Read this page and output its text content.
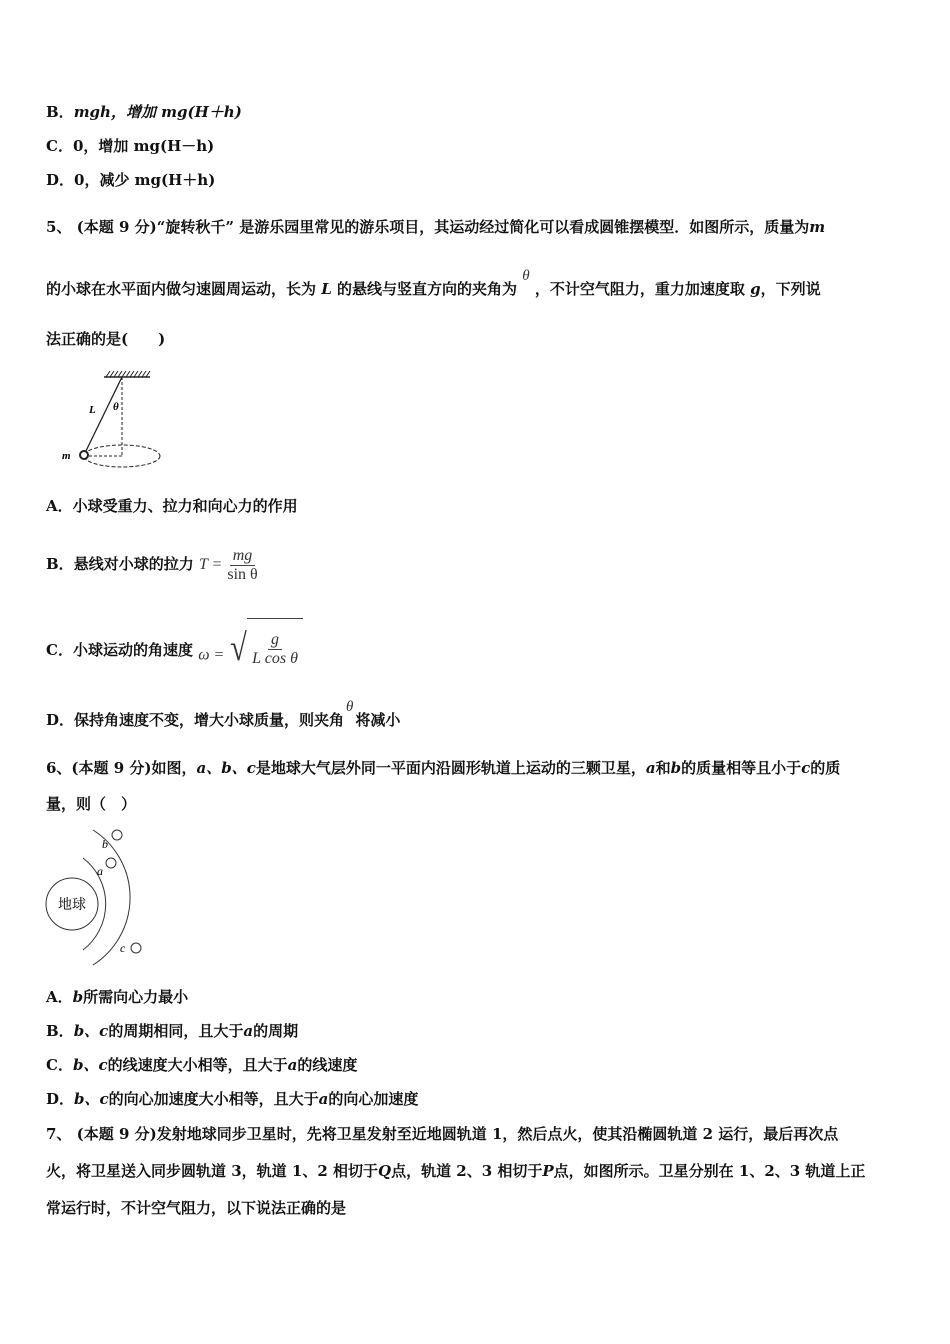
B．mgh，增加 mg(H＋h)
C．0，增加 mg(H－h)
D．0，减少 mg(H＋h)
5、 (本题 9 分)“旋转秋千” 是游乐园里常见的游乐项目，其运动经过简化可以看成圆锥摆模型．如图所示，质量为m
的小球在水平面内做匀速圆周运动，长为 L 的悬线与竖直方向的夹角为 θ ，不计空气阻力，重力加速度取 g，下列说
法正确的是(　　)
L θ
m
A．小球受重力、拉力和向心力的作用
B．悬线对小球的拉力 $T = \frac{mg}{\text{sin θ}}$
C．小球运动的角速度 ω = √ $\frac{g}{\text{L cos θ}}$
D．保持角速度不变，增大小球质量，则夹角θ将减小
6、(本题 9 分)如图，a、b、c是地球大气层外同一平面内沿圆形轨道上运动的三颗卫星，a和b的质量相等且小于c的质
量，则（　）
地球
b
a
c
A．b所需向心力最小
B．b、c的周期相同，且大于a的周期
C．b、c的线速度大小相等，且大于a的线速度
D．b、c的向心加速度大小相等，且大于a的向心加速度
7、 (本题 9 分)发射地球同步卫星时，先将卫星发射至近地圆轨道 1，然后点火，使其沿椭圆轨道 2 运行，最后再次点
火，将卫星送入同步圆轨道 3，轨道 1、2 相切于Q点，轨道 2、3 相切于P点，如图所示。卫星分别在 1、2、3 轨道上正
常运行时，不计空气阻力，以下说法正确的是
